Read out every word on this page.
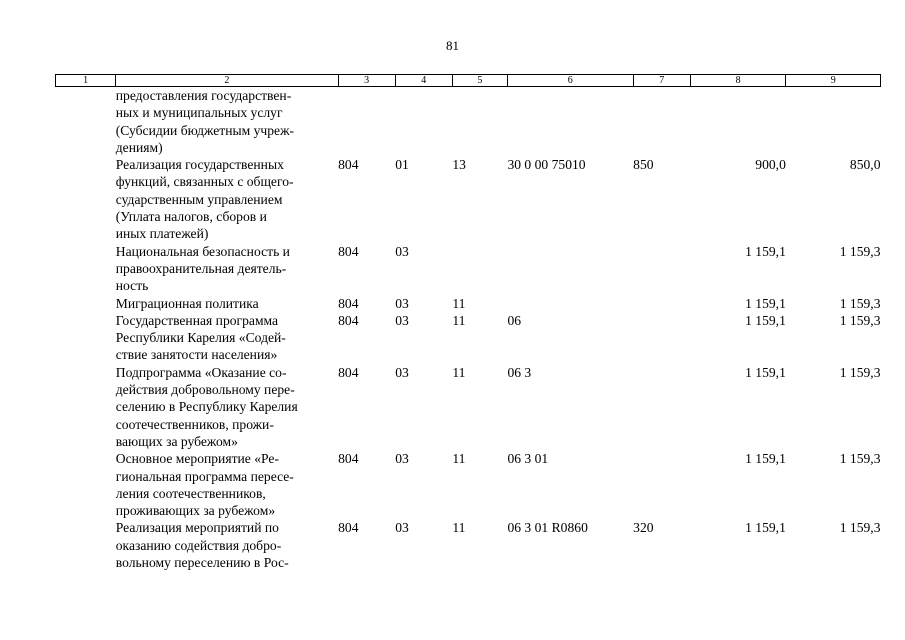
81
1	2	3	4	5	6	7	8	9
	предоставления государствен-
ных и муниципальных услуг
(Субсидии бюджетным учреж-
дениям)							
	Реализация государственных
функций, связанных с общего-
сударственным управлением
(Уплата налогов, сборов и
иных платежей)	804	01	13	30 0 00 75010	850	900,0	850,0
	Национальная безопасность и
правоохранительная деятель-
ность	804	03				1 159,1	1 159,3
	Миграционная политика	804	03	11			1 159,1	1 159,3
	Государственная программа
Республики Карелия «Содей-
ствие занятости населения»	804	03	11	06		1 159,1	1 159,3
	Подпрограмма «Оказание со-
действия добровольному пере-
селению в Республику Карелия
соотечественников, прожи-
вающих за рубежом»	804	03	11	06 3		1 159,1	1 159,3
	Основное мероприятие «Ре-
гиональная программа пересе-
ления соотечественников,
проживающих за рубежом»	804	03	11	06 3 01		1 159,1	1 159,3
	Реализация мероприятий по
оказанию содействия добро-
вольному переселению в Рос-	804	03	11	06 3 01 R0860	320	1 159,1	1 159,3
